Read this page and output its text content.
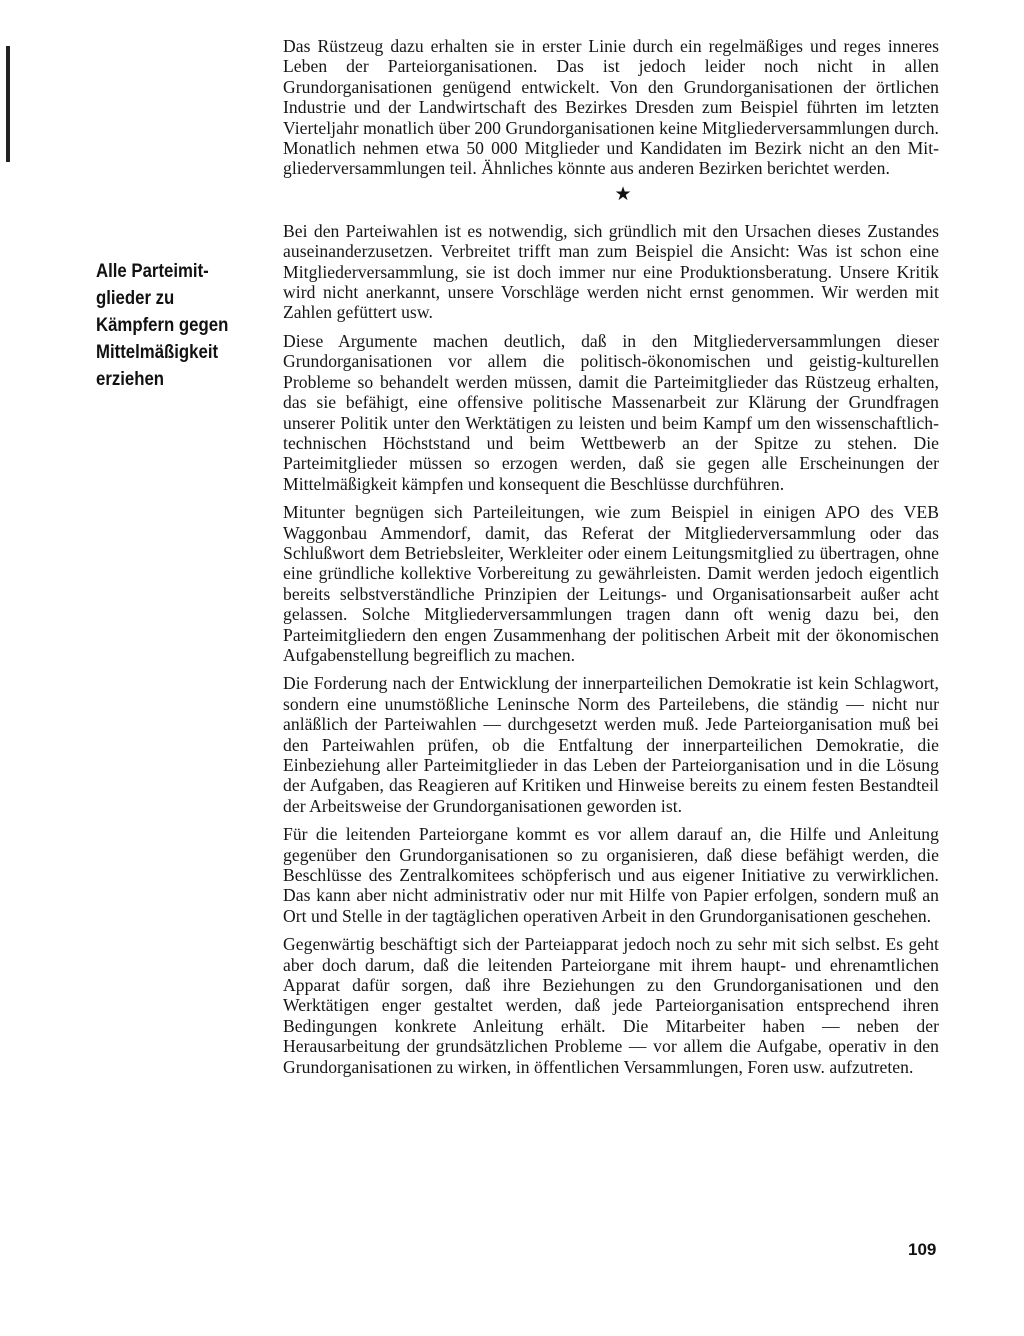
Alle Parteimit-
glieder zu
Kämpfern gegen
Mittelmäßigkeit
erziehen

Das Rüstzeug dazu erhalten sie in erster Linie durch ein regelmäßiges und reges inneres Leben der Parteiorganisationen. Das ist jedoch leider noch nicht in allen Grundorganisationen genügend entwickelt. Von den Grundorganisationen der örtlichen Industrie und der Landwirtschaft des Bezirkes Dresden zum Beispiel führten im letzten Vierteljahr monatlich über 200 Grundorganisationen keine Mitgliederversammlungen durch. Monatlich nehmen etwa 50 000 Mitglieder und Kandidaten im Bezirk nicht an den Mitgliederversammlungen teil. Ähnliches könnte aus anderen Bezirken berichtet werden.

★

Bei den Parteiwahlen ist es notwendig, sich gründlich mit den Ursachen dieses Zustandes auseinanderzusetzen. Verbreitet trifft man zum Beispiel die Ansicht: Was ist schon eine Mitgliederversammlung, sie ist doch immer nur eine Produktionsberatung. Unsere Kritik wird nicht anerkannt, unsere Vorschläge werden nicht ernst genommen. Wir werden mit Zahlen gefüttert usw.

Diese Argumente machen deutlich, daß in den Mitgliederversammlungen dieser Grundorganisationen vor allem die politisch-ökonomischen und geistig-kulturellen Probleme so behandelt werden müssen, damit die Parteimitglieder das Rüstzeug erhalten, das sie befähigt, eine offensive politische Massenarbeit zur Klärung der Grundfragen unserer Politik unter den Werktätigen zu leisten und beim Kampf um den wissenschaftlich-technischen Höchststand und beim Wettbewerb an der Spitze zu stehen. Die Parteimitglieder müssen so erzogen werden, daß sie gegen alle Erscheinungen der Mittelmäßigkeit kämpfen und konsequent die Beschlüsse durchführen.

Mitunter begnügen sich Parteileitungen, wie zum Beispiel in einigen APO des VEB Waggonbau Ammendorf, damit, das Referat der Mitgliederversammlung oder das Schlußwort dem Betriebsleiter, Werkleiter oder einem Leitungsmitglied zu übertragen, ohne eine gründliche kollektive Vorbereitung zu gewährleisten. Damit werden jedoch eigentlich bereits selbstverständliche Prinzipien der Leitungs- und Organisationsarbeit außer acht gelassen. Solche Mitgliederversammlungen tragen dann oft wenig dazu bei, den Parteimitgliedern den engen Zusammenhang der politischen Arbeit mit der ökonomischen Aufgabenstellung begreiflich zu machen.

Die Forderung nach der Entwicklung der innerparteilichen Demokratie ist kein Schlagwort, sondern eine unumstößliche Leninsche Norm des Parteilebens, die ständig — nicht nur anläßlich der Parteiwahlen — durchgesetzt werden muß. Jede Parteiorganisation muß bei den Parteiwahlen prüfen, ob die Entfaltung der innerparteilichen Demokratie, die Einbeziehung aller Parteimitglieder in das Leben der Parteiorganisation und in die Lösung der Aufgaben, das Reagieren auf Kritiken und Hinweise bereits zu einem festen Bestandteil der Arbeitsweise der Grundorganisationen geworden ist.

Für die leitenden Parteiorgane kommt es vor allem darauf an, die Hilfe und Anleitung gegenüber den Grundorganisationen so zu organisieren, daß diese befähigt werden, die Beschlüsse des Zentralkomitees schöpferisch und aus eigener Initiative zu verwirklichen. Das kann aber nicht administrativ oder nur mit Hilfe von Papier erfolgen, sondern muß an Ort und Stelle in der tagtäglichen operativen Arbeit in den Grundorganisationen geschehen.

Gegenwärtig beschäftigt sich der Parteiapparat jedoch noch zu sehr mit sich selbst. Es geht aber doch darum, daß die leitenden Parteiorgane mit ihrem haupt- und ehrenamtlichen Apparat dafür sorgen, daß ihre Beziehungen zu den Grundorganisationen und den Werktätigen enger gestaltet werden, daß jede Parteiorganisation entsprechend ihren Bedingungen konkrete Anleitung erhält. Die Mitarbeiter haben — neben der Herausarbeitung der grundsätzlichen Probleme — vor allem die Aufgabe, operativ in den Grundorganisationen zu wirken, in öffentlichen Versammlungen, Foren usw. aufzutreten.

109
